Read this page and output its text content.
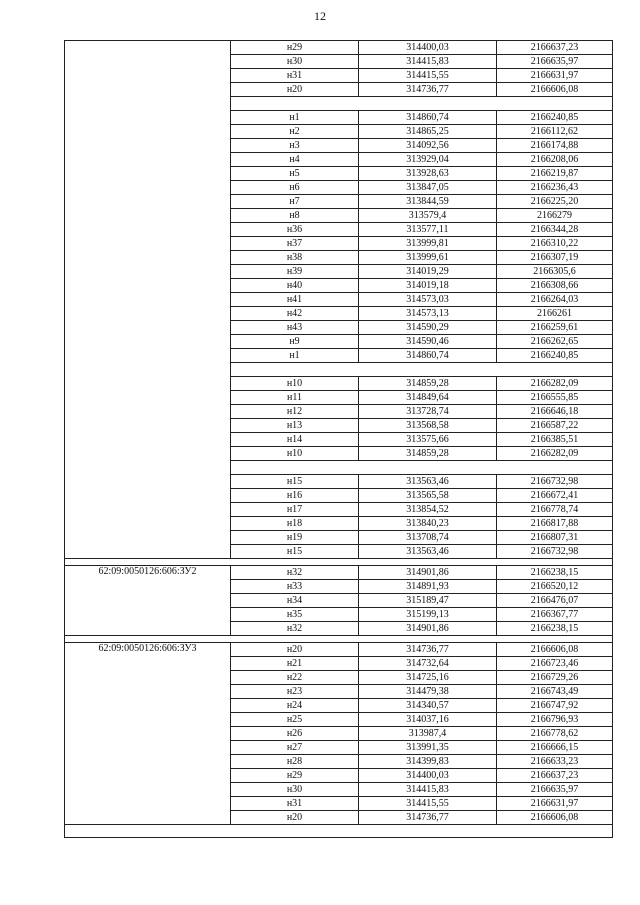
12
	н29	314400,03	2166637,23
	н30	314415,83	2166635,97
	н31	314415,55	2166631,97
	н20	314736,77	2166606,08

	н1	314860,74	2166240,85
	н2	314865,25	2166112,62
	н3	314092,56	2166174,88
	н4	313929,04	2166208,06
	н5	313928,63	2166219,87
	н6	313847,05	2166236,43
	н7	313844,59	2166225,20
	н8	313579,4	2166279
	н36	313577,11	2166344,28
	н37	313999,81	2166310,22
	н38	313999,61	2166307,19
	н39	314019,29	2166305,6
	н40	314019,18	2166308,66
	н41	314573,03	2166264,03
	н42	314573,13	2166261
	н43	314590,29	2166259,61
	н9	314590,46	2166262,65
	н1	314860,74	2166240,85

	н10	314859,28	2166282,09
	н11	314849,64	2166555,85
	н12	313728,74	2166646,18
	н13	313568,58	2166587,22
	н14	313575,66	2166385,51
	н10	314859,28	2166282,09

	н15	313563,46	2166732,98
	н16	313565,58	2166672,41
	н17	313854,52	2166778,74
	н18	313840,23	2166817,88
	н19	313708,74	2166807,31
	н15	313563,46	2166732,98

62:09:0050126:606:ЗУ2	н32	314901,86	2166238,15
	н33	314891,93	2166520,12
	н34	315189,47	2166476,07
	н35	315199,13	2166367,77
	н32	314901,86	2166238,15

62:09:0050126:606:ЗУ3	н20	314736,77	2166606,08
	н21	314732,64	2166723,46
	н22	314725,16	2166729,26
	н23	314479,38	2166743,49
	н24	314340,57	2166747,92
	н25	314037,16	2166796,93
	н26	313987,4	2166778,62
	н27	313991,35	2166666,15
	н28	314399,83	2166633,23
	н29	314400,03	2166637,23
	н30	314415,83	2166635,97
	н31	314415,55	2166631,97
	н20	314736,77	2166606,08
